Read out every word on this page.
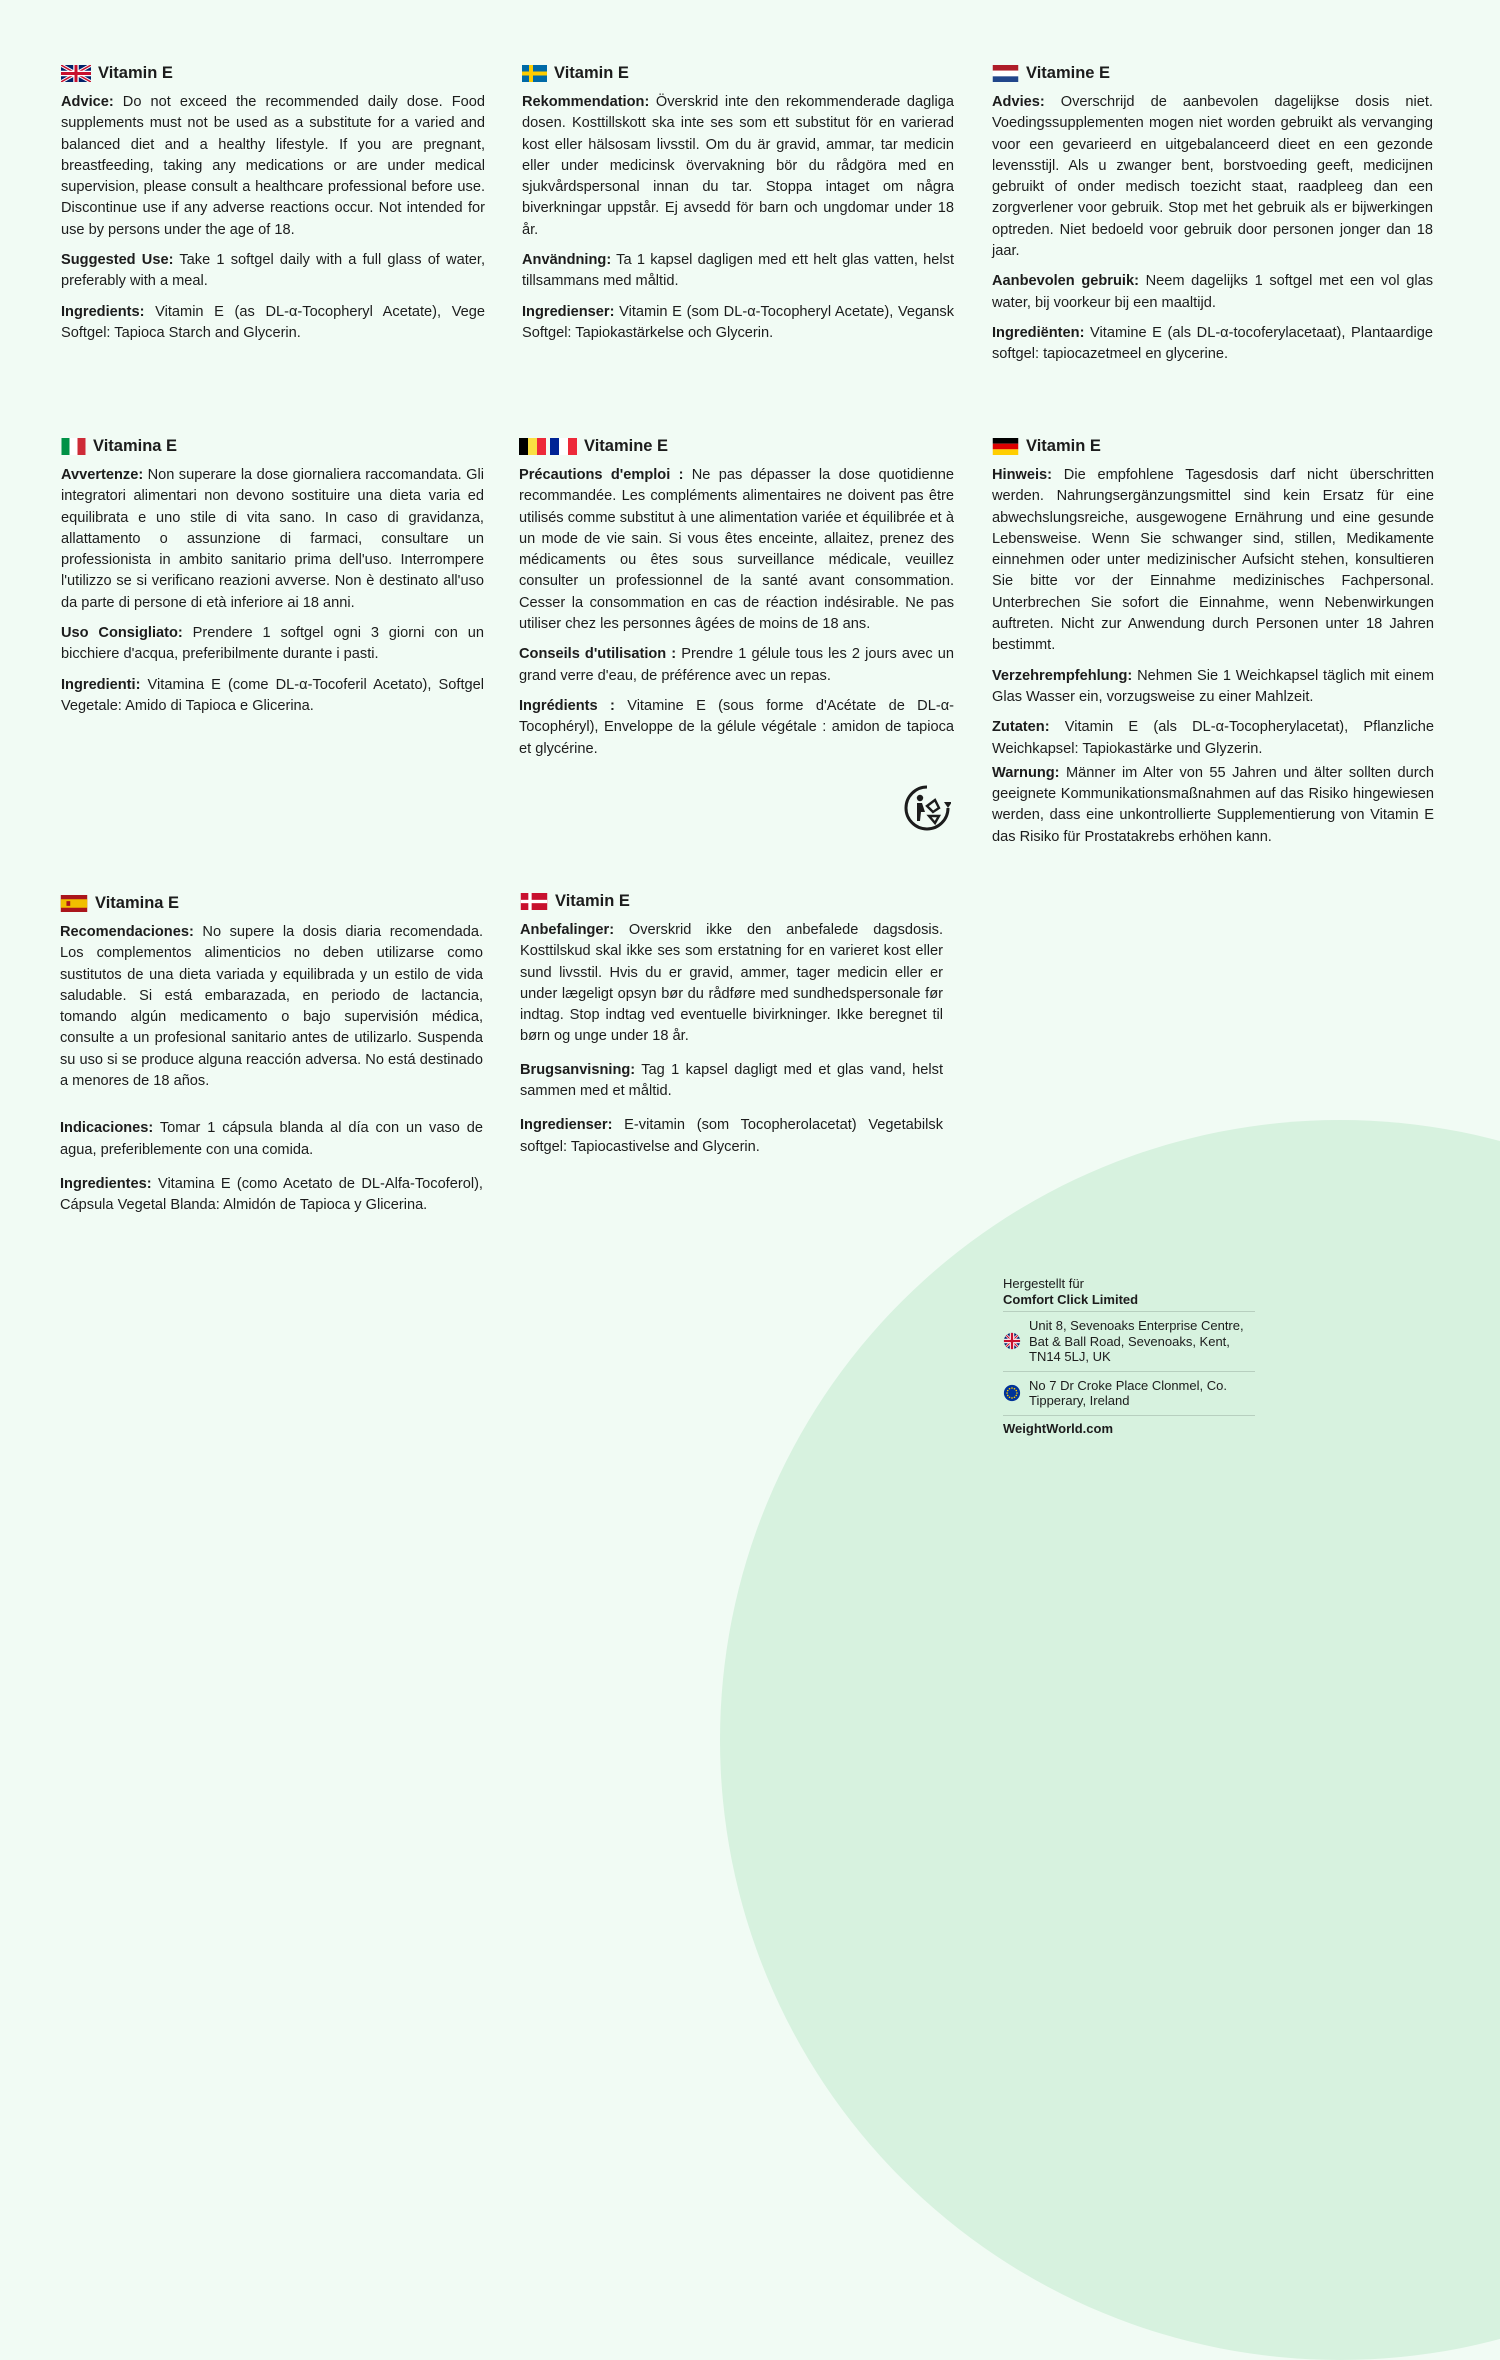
Vitamin E

Advice: Do not exceed the recommended daily dose. Food supplements must not be used as a substitute for a varied and balanced diet and a healthy lifestyle. If you are pregnant, breastfeeding, taking any medications or are under medical supervision, please consult a healthcare professional before use. Discontinue use if any adverse reactions occur. Not intended for use by persons under the age of 18.

Suggested Use: Take 1 softgel daily with a full glass of water, preferably with a meal.

Ingredients: Vitamin E (as DL-α-Tocopheryl Acetate), Vege Softgel: Tapioca Starch and Glycerin.

Vitamin E

Rekommendation: Överskrid inte den rekommenderade dagliga dosen. Kosttillskott ska inte ses som ett substitut för en varierad kost eller hälsosam livsstil. Om du är gravid, ammar, tar medicin eller under medicinsk övervakning bör du rådgöra med en sjukvårdspersonal innan du tar. Stoppa intaget om några biverkningar uppstår. Ej avsedd för barn och ungdomar under 18 år.

Användning: Ta 1 kapsel dagligen med ett helt glas vatten, helst tillsammans med måltid.

Ingredienser: Vitamin E (som DL-α-Tocopheryl Acetate), Vegansk Softgel: Tapiokastärkelse och Glycerin.

Vitamine E

Advies: Overschrijd de aanbevolen dagelijkse dosis niet. Voedingssupplementen mogen niet worden gebruikt als vervanging voor een gevarieerd en uitgebalanceerd dieet en een gezonde levensstijl. Als u zwanger bent, borstvoeding geeft, medicijnen gebruikt of onder medisch toezicht staat, raadpleeg dan een zorgverlener voor gebruik. Stop met het gebruik als er bijwerkingen optreden. Niet bedoeld voor gebruik door personen jonger dan 18 jaar.

Aanbevolen gebruik: Neem dagelijks 1 softgel met een vol glas water, bij voorkeur bij een maaltijd.

Ingrediënten: Vitamine E (als DL-α-tocoferylacetaat), Plantaardige softgel: tapiocazetmeel en glycerine.

Vitamina E

Avvertenze: Non superare la dose giornaliera raccomandata. Gli integratori alimentari non devono sostituire una dieta varia ed equilibrata e uno stile di vita sano. In caso di gravidanza, allattamento o assunzione di farmaci, consultare un professionista in ambito sanitario prima dell'uso. Interrompere l'utilizzo se si verificano reazioni avverse. Non è destinato all'uso da parte di persone di età inferiore ai 18 anni.

Uso Consigliato: Prendere 1 softgel ogni 3 giorni con un bicchiere d'acqua, preferibilmente durante i pasti.

Ingredienti: Vitamina E (come DL-α-Tocoferil Acetato), Softgel Vegetale: Amido di Tapioca e Glicerina.

Vitamine E

Précautions d'emploi : Ne pas dépasser la dose quotidienne recommandée. Les compléments alimentaires ne doivent pas être utilisés comme substitut à une alimentation variée et équilibrée et à un mode de vie sain. Si vous êtes enceinte, allaitez, prenez des médicaments ou êtes sous surveillance médicale, veuillez consulter un professionnel de la santé avant consommation. Cesser la consommation en cas de réaction indésirable. Ne pas utiliser chez les personnes âgées de moins de 18 ans.

Conseils d'utilisation : Prendre 1 gélule tous les 2 jours avec un grand verre d'eau, de préférence avec un repas.

Ingrédients : Vitamine E (sous forme d'Acétate de DL-α-Tocophéryl), Enveloppe de la gélule végétale : amidon de tapioca et glycérine.

Vitamin E

Hinweis: Die empfohlene Tagesdosis darf nicht überschritten werden. Nahrungsergänzungsmittel sind kein Ersatz für eine abwechslungsreiche, ausgewogene Ernährung und eine gesunde Lebensweise. Wenn Sie schwanger sind, stillen, Medikamente einnehmen oder unter medizinischer Aufsicht stehen, konsultieren Sie bitte vor der Einnahme medizinisches Fachpersonal. Unterbrechen Sie sofort die Einnahme, wenn Nebenwirkungen auftreten. Nicht zur Anwendung durch Personen unter 18 Jahren bestimmt.

Verzehrempfehlung: Nehmen Sie 1 Weichkapsel täglich mit einem Glas Wasser ein, vorzugsweise zu einer Mahlzeit.

Zutaten: Vitamin E (als DL-α-Tocopherylacetat), Pflanzliche Weichkapsel: Tapiokastärke und Glyzerin.

Warnung: Männer im Alter von 55 Jahren und älter sollten durch geeignete Kommunikationsmaßnahmen auf das Risiko hingewiesen werden, dass eine unkontrollierte Supplementierung von Vitamin E das Risiko für Prostatakrebs erhöhen kann.

Vitamina E

Recomendaciones: No supere la dosis diaria recomendada. Los complementos alimenticios no deben utilizarse como sustitutos de una dieta variada y equilibrada y un estilo de vida saludable. Si está embarazada, en periodo de lactancia, tomando algún medicamento o bajo supervisión médica, consulte a un profesional sanitario antes de utilizarlo. Suspenda su uso si se produce alguna reacción adversa. No está destinado a menores de 18 años.

Indicaciones: Tomar 1 cápsula blanda al día con un vaso de agua, preferiblemente con una comida.

Ingredientes: Vitamina E (como Acetato de DL-Alfa-Tocoferol), Cápsula Vegetal Blanda: Almidón de Tapioca y Glicerina.

Vitamin E

Anbefalinger: Overskrid ikke den anbefalede dagsdosis. Kosttilskud skal ikke ses som erstatning for en varieret kost eller sund livsstil. Hvis du er gravid, ammer, tager medicin eller er under lægeligt opsyn bør du rådføre med sundhedspersonale før indtag. Stop indtag ved eventuelle bivirkninger. Ikke beregnet til børn og unge under 18 år.

Brugsanvisning: Tag 1 kapsel dagligt med et glas vand, helst sammen med et måltid.

Ingredienser: E-vitamin (som Tocopherolacetat) Vegetabilsk softgel: Tapiocastivelse and Glycerin.

Hergestellt für
Comfort Click Limited
Unit 8, Sevenoaks Enterprise Centre, Bat & Ball Road, Sevenoaks, Kent, TN14 5LJ, UK
No 7 Dr Croke Place Clonmel, Co. Tipperary, Ireland
WeightWorld.com
